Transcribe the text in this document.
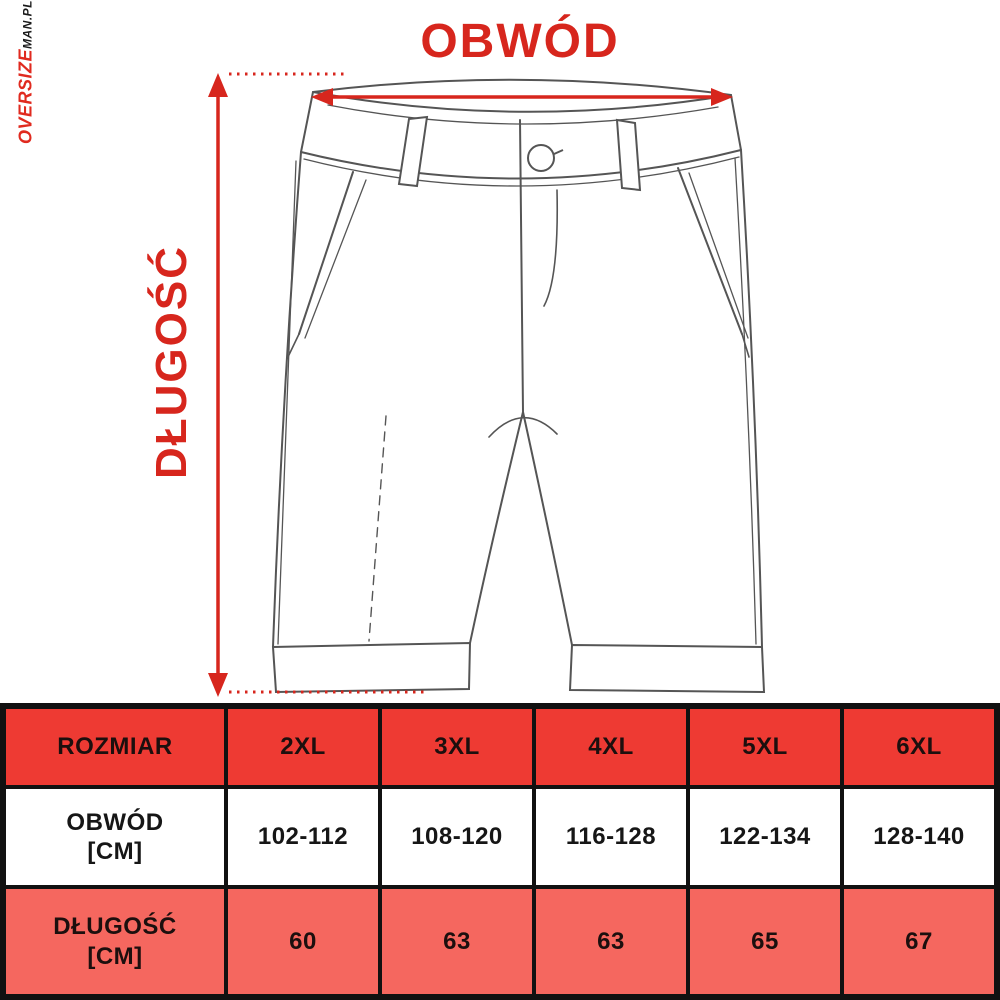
OBWÓD
DŁUGOŚĆ
OVERSIZEMAN.PL
ROZMIAR	2XL	3XL	4XL	5XL	6XL
OBWÓD
[CM]
102-112	108-120	116-128	122-134	128-140
DŁUGOŚĆ
[CM]
60	63	63	65	67
